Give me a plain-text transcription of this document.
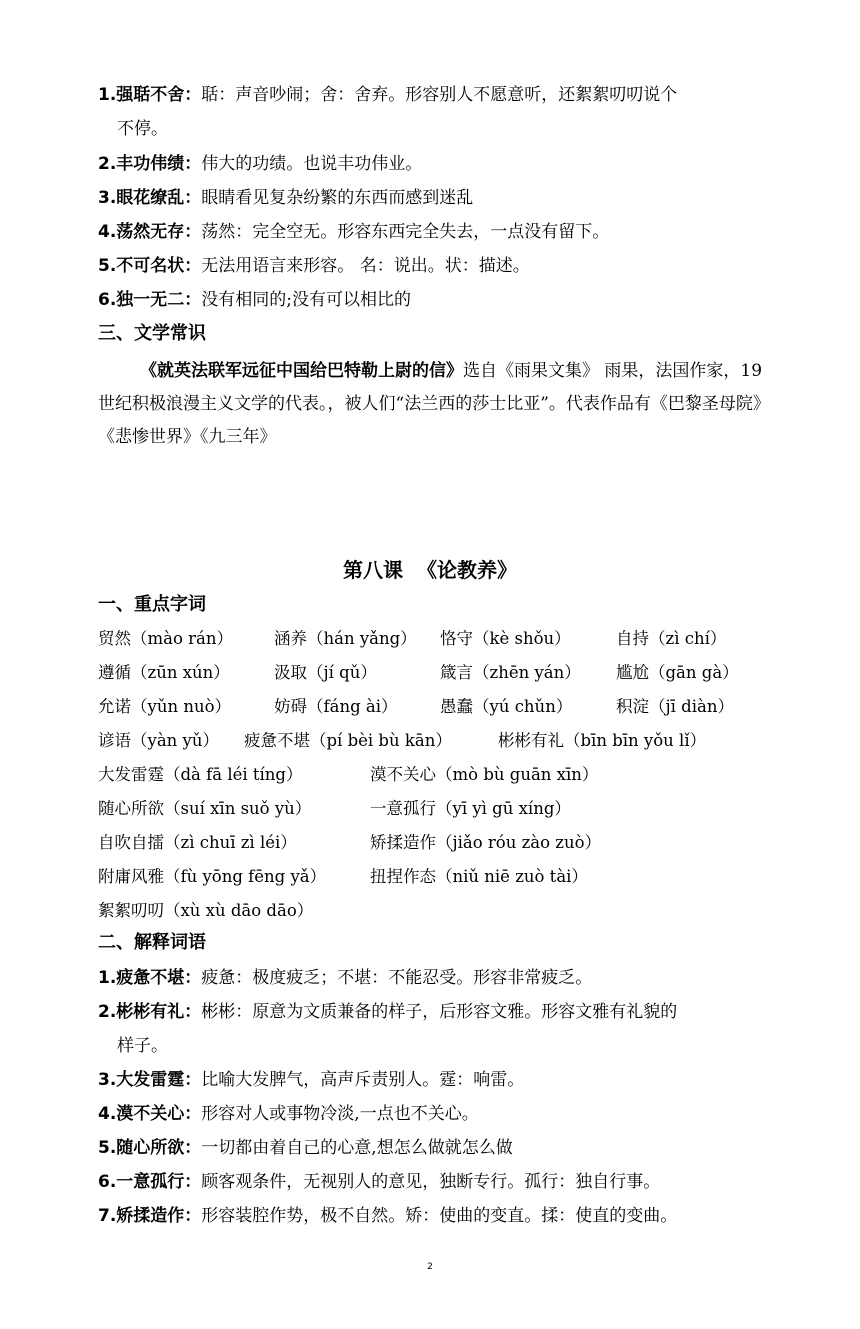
1.强聒不舍：聒：声音吵闹；舍：舍弃。形容别人不愿意听，还絮絮叨叨说个
不停。
2.丰功伟绩：伟大的功绩。也说丰功伟业。
3.眼花缭乱：眼睛看见复杂纷繁的东西而感到迷乱
4.荡然无存：荡然：完全空无。形容东西完全失去，一点没有留下。
5.不可名状：无法用语言来形容。 名：说出。状：描述。
6.独一无二：没有相同的;没有可以相比的
三、文学常识
《就英法联军远征中国给巴特勒上尉的信》选自《雨果文集》 雨果，法国作家，19 世纪积极浪漫主义文学的代表。，被人们“法兰西的莎士比亚”。代表作品有《巴黎圣母院》《悲惨世界》《九三年》
第八课  《论教养》
一、重点字词
贸然（mào rán） 涵养（hán yǎng） 恪守（kè shǒu）	自持（zì chí）
遵循（zūn xún）	汲取（jí qǔ）	箴言（zhēn yán） 尴尬（gān gà）
允诺（yǔn nuò）	妨碍（fáng ài）	愚蠢（yú chǔn）	积淀（jī diàn）
谚语（yàn yǔ） 疲惫不堪（pí bèi bù kān）	彬彬有礼（bīn bīn yǒu lǐ）
大发雷霆（dà fā léi tíng）	漠不关心（mò bù guān xīn）
随心所欲（suí xīn suǒ yù）	一意孤行（yī yì gū xíng）
自吹自擂（zì chuī zì léi）	矫揉造作（jiǎo róu zào zuò）
附庸风雅（fù yōng fēng yǎ）	扭捏作态（niǔ niē zuò tài）
絮絮叨叨（xù xù dāo dāo）
二、解释词语
1.疲惫不堪：疲惫：极度疲乏；不堪：不能忍受。形容非常疲乏。
2.彬彬有礼：彬彬：原意为文质兼备的样子，后形容文雅。形容文雅有礼貌的
样子。
3.大发雷霆：比喻大发脾气，高声斥责别人。霆：响雷。
4.漠不关心：形容对人或事物冷淡,一点也不关心。
5.随心所欲：一切都由着自己的心意,想怎么做就怎么做
6.一意孤行：顾客观条件，无视别人的意见，独断专行。孤行：独自行事。
7.矫揉造作：形容装腔作势，极不自然。矫：使曲的变直。揉：使直的变曲。
2
